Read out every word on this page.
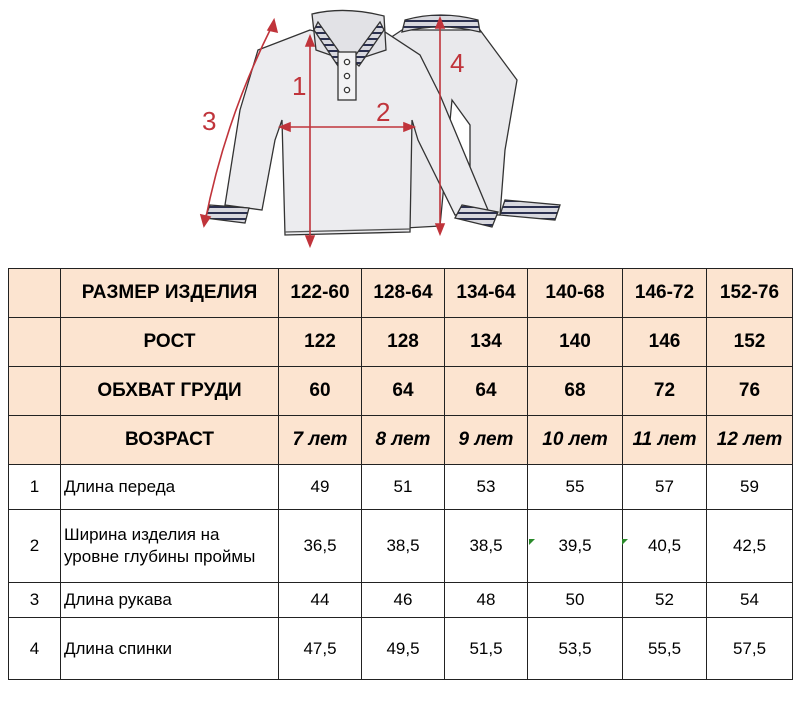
1
2
3
4
	РАЗМЕР ИЗДЕЛИЯ	122-60	128-64	134-64	140-68	146-72	152-76
	РОСТ	122	128	134	140	146	152
	ОБХВАТ ГРУДИ	60	64	64	68	72	76
	ВОЗРАСТ	7 лет	8 лет	9 лет	10 лет	11 лет	12 лет
1	Длина переда	49	51	53	55	57	59
2	Ширина изделия на уровне глубины проймы	36,5	38,5	38,5	39,5	40,5	42,5
3	Длина рукава	44	46	48	50	52	54
4	Длина спинки	47,5	49,5	51,5	53,5	55,5	57,5
